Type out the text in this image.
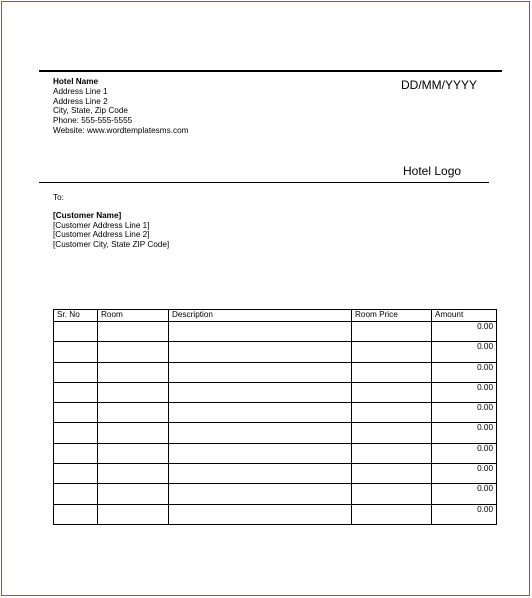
Hotel Name
Address Line 1
Address Line 2
City, State, Zip Code
Phone: 555-555-5555
Website: www.wordtemplatesms.com
DD/MM/YYYY
Hotel Logo
To:
[Customer Name]
[Customer Address Line 1]
[Customer Address Line 2]
[Customer City, State ZIP Code]
Sr. No	Room	Description	Room Price	Amount
				0.00
				0.00
				0.00
				0.00
				0.00
				0.00
				0.00
				0.00
				0.00
				0.00
